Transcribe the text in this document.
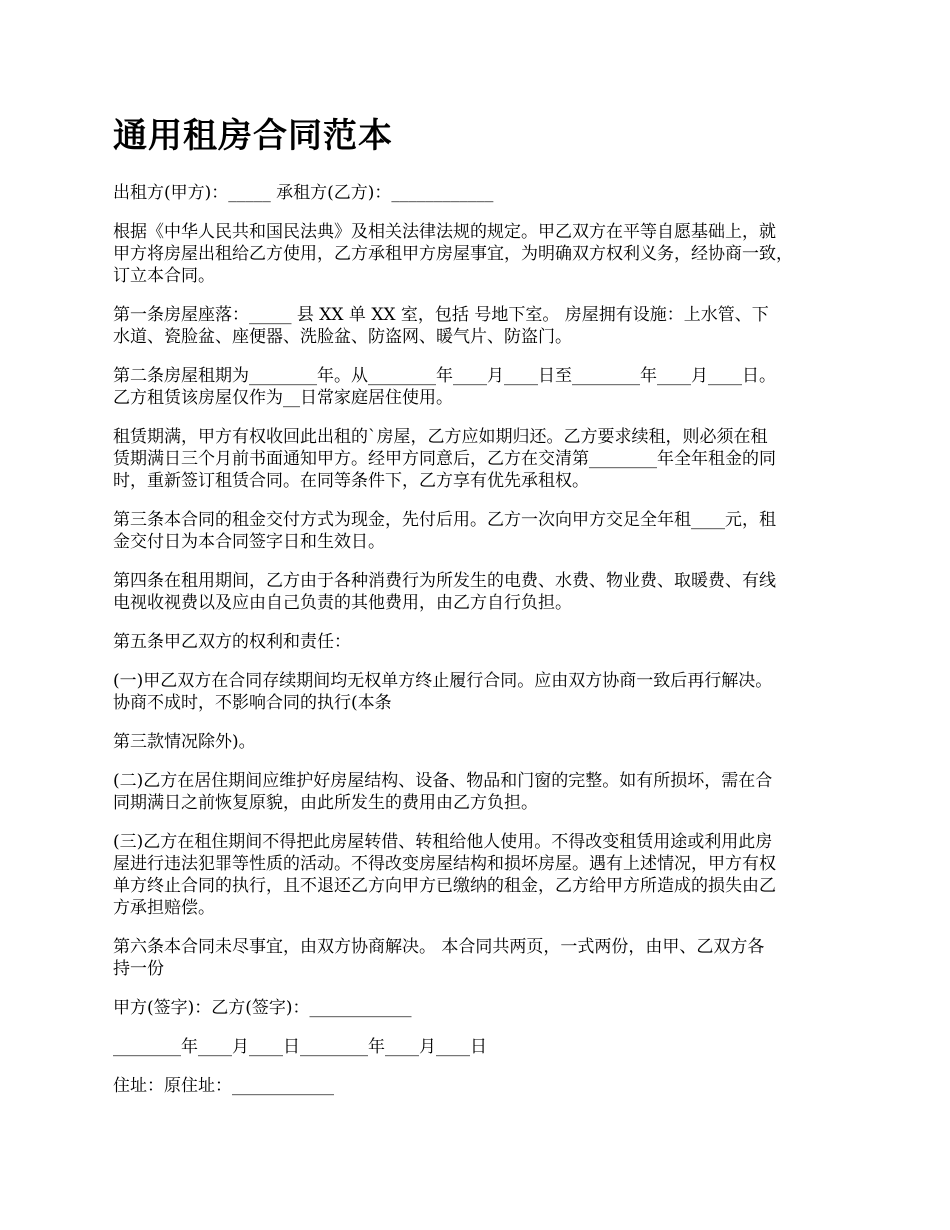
通用租房合同范本

出租方(甲方)：_____ 承租方(乙方)：____________

根据《中华人民共和国民法典》及相关法律法规的规定。甲乙双方在平等自愿基础上，就
甲方将房屋出租给乙方使用，乙方承租甲方房屋事宜，为明确双方权利义务，经协商一致，
订立本合同。

第一条房屋座落：_____ 县 XX 单 XX 室，包括 号地下室。 房屋拥有设施：上水管、下
水道、瓷脸盆、座便器、洗脸盆、防盗网、暖气片、防盗门。

第二条房屋租期为________年。从________年____月____日至________年____月____日。
乙方租赁该房屋仅作为__日常家庭居住使用。

租赁期满，甲方有权收回此出租的`房屋，乙方应如期归还。乙方要求续租，则必须在租
赁期满日三个月前书面通知甲方。经甲方同意后，乙方在交清第________年全年租金的同
时，重新签订租赁合同。在同等条件下，乙方享有优先承租权。

第三条本合同的租金交付方式为现金，先付后用。乙方一次向甲方交足全年租____元，租
金交付日为本合同签字日和生效日。

第四条在租用期间，乙方由于各种消费行为所发生的电费、水费、物业费、取暖费、有线
电视收视费以及应由自己负责的其他费用，由乙方自行负担。

第五条甲乙双方的权利和责任：

(一)甲乙双方在合同存续期间均无权单方终止履行合同。应由双方协商一致后再行解决。
协商不成时，不影响合同的执行(本条

第三款情况除外)。

(二)乙方在居住期间应维护好房屋结构、设备、物品和门窗的完整。如有所损坏，需在合
同期满日之前恢复原貌，由此所发生的费用由乙方负担。

(三)乙方在租住期间不得把此房屋转借、转租给他人使用。不得改变租赁用途或利用此房
屋进行违法犯罪等性质的活动。不得改变房屋结构和损坏房屋。遇有上述情况，甲方有权
单方终止合同的执行，且不退还乙方向甲方已缴纳的租金，乙方给甲方所造成的损失由乙
方承担赔偿。

第六条本合同未尽事宜，由双方协商解决。 本合同共两页，一式两份，由甲、乙双方各
持一份

甲方(签字)：乙方(签字)：____________

________年____月____日________年____月____日

住址：原住址：____________
